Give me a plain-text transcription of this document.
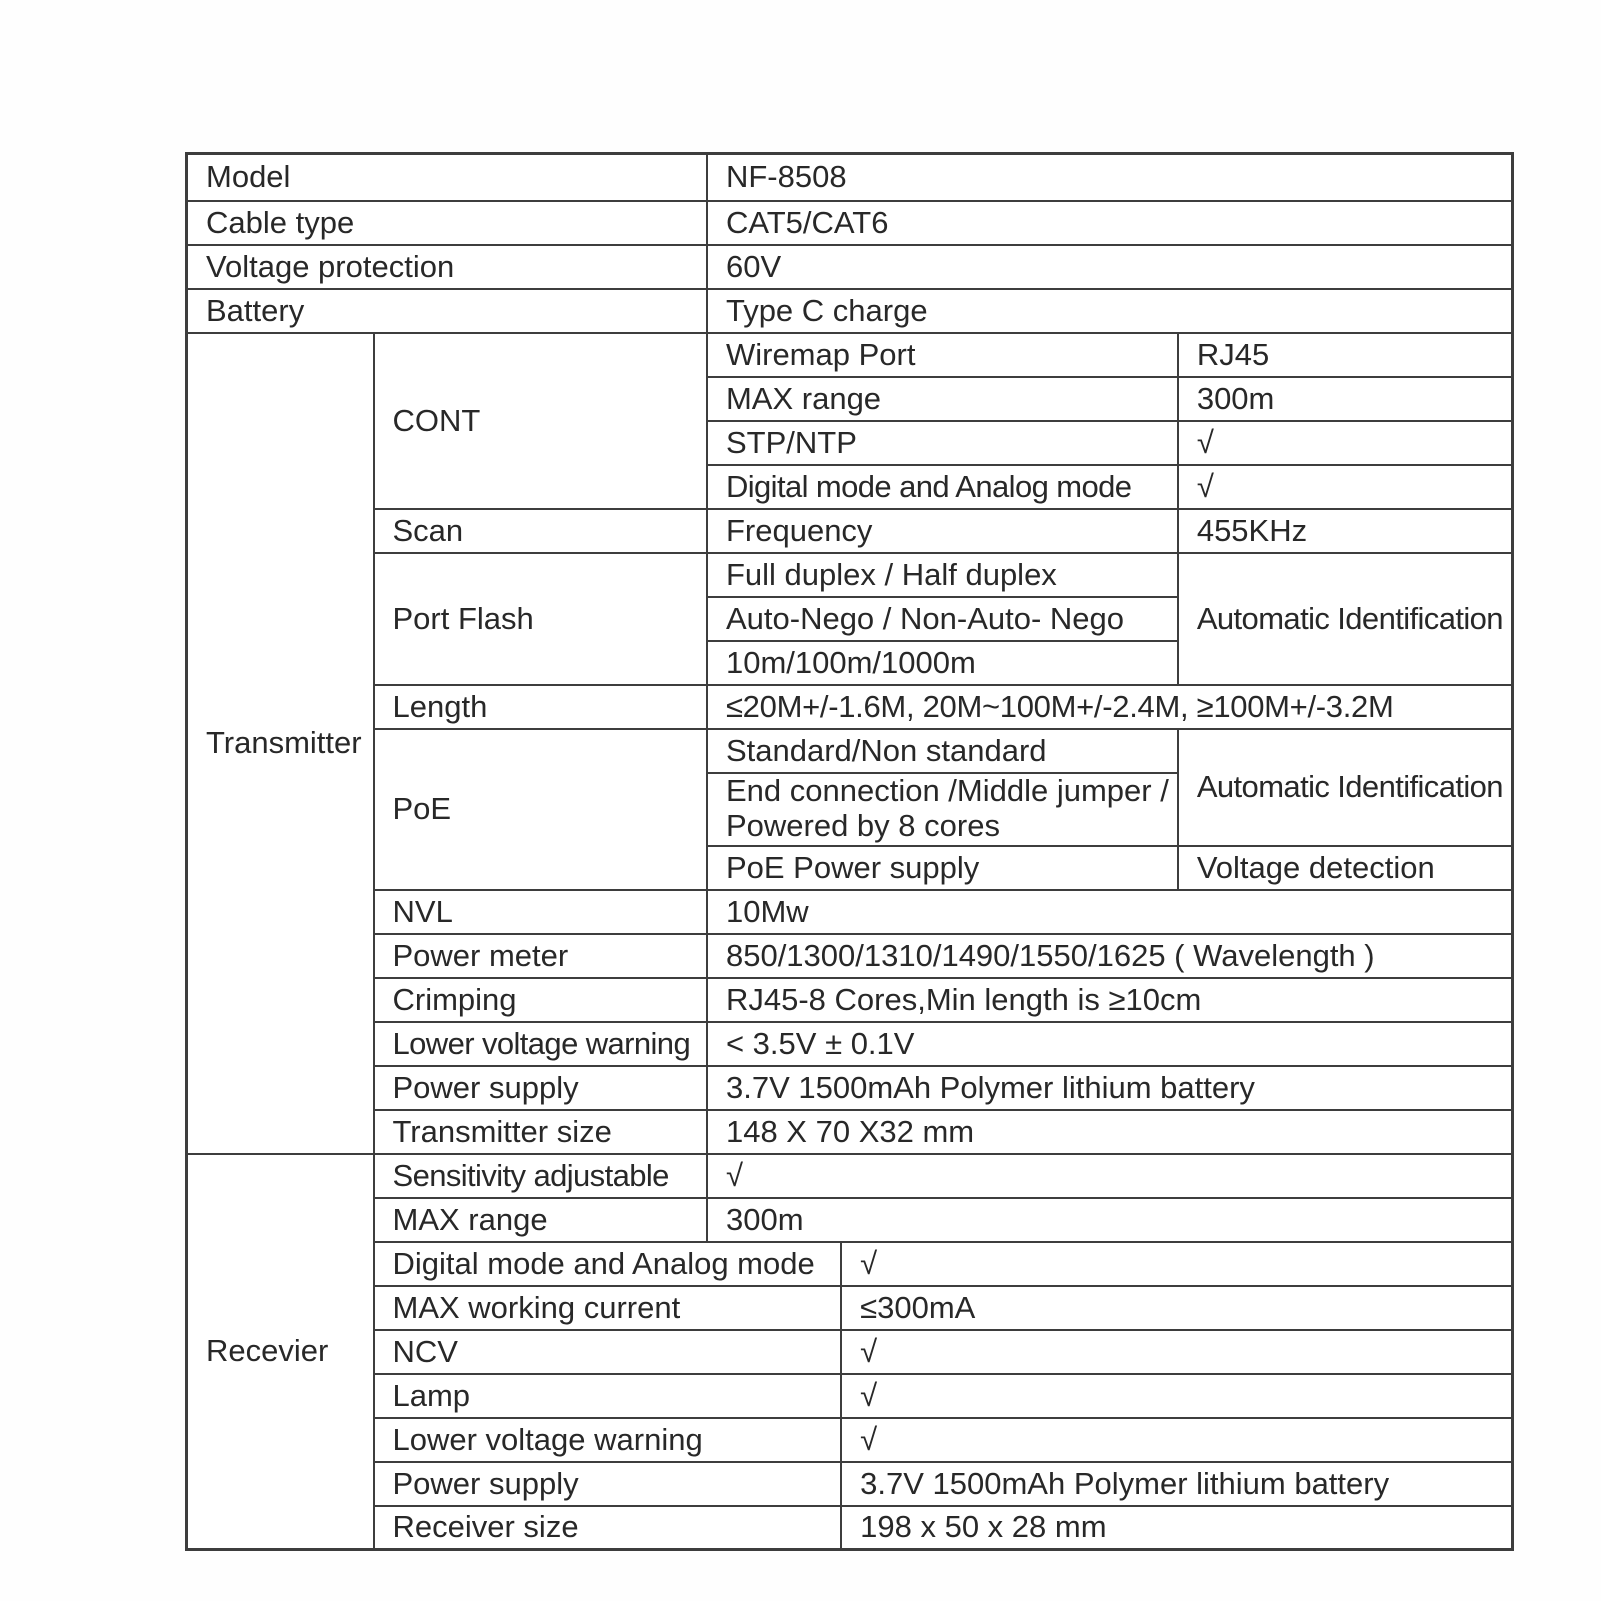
Model		NF-8508		
Cable type		CAT5/CAT6		
Voltage protection		60V		
Battery		Type C charge		
Transmitter	CONT	Wiremap Port		RJ45
		MAX range		300m
		STP/NTP		√
		Digital mode and Analog mode		√
	Scan	Frequency		455KHz
	Port Flash	Full duplex / Half duplex		Automatic Identification
		Auto-Nego / Non-Auto- Nego		
		10m/100m/1000m		
	Length	≤20M+/-1.6M, 20M~100M+/-2.4M, ≥100M+/-3.2M		
	PoE	Standard/Non standard		Automatic Identification
		End connection /Middle jumper /
Powered by 8 cores		
		PoE Power supply		Voltage detection
	NVL	10Mw		
	Power meter	850/1300/1310/1490/1550/1625 ( Wavelength )		
	Crimping	RJ45-8 Cores,Min length is ≥10cm		
	Lower voltage warning	< 3.5V ± 0.1V		
	Power supply	3.7V 1500mAh Polymer lithium battery		
	Transmitter size	148 X 70 X32 mm		
Recevier	Sensitivity adjustable	√		
	MAX range	300m		
	Digital mode and Analog mode		√	
	MAX working current		≤300mA	
	NCV		√	
	Lamp		√	
	Lower voltage warning		√	
	Power supply		3.7V 1500mAh Polymer lithium battery	
	Receiver size		198 x 50 x 28 mm	
